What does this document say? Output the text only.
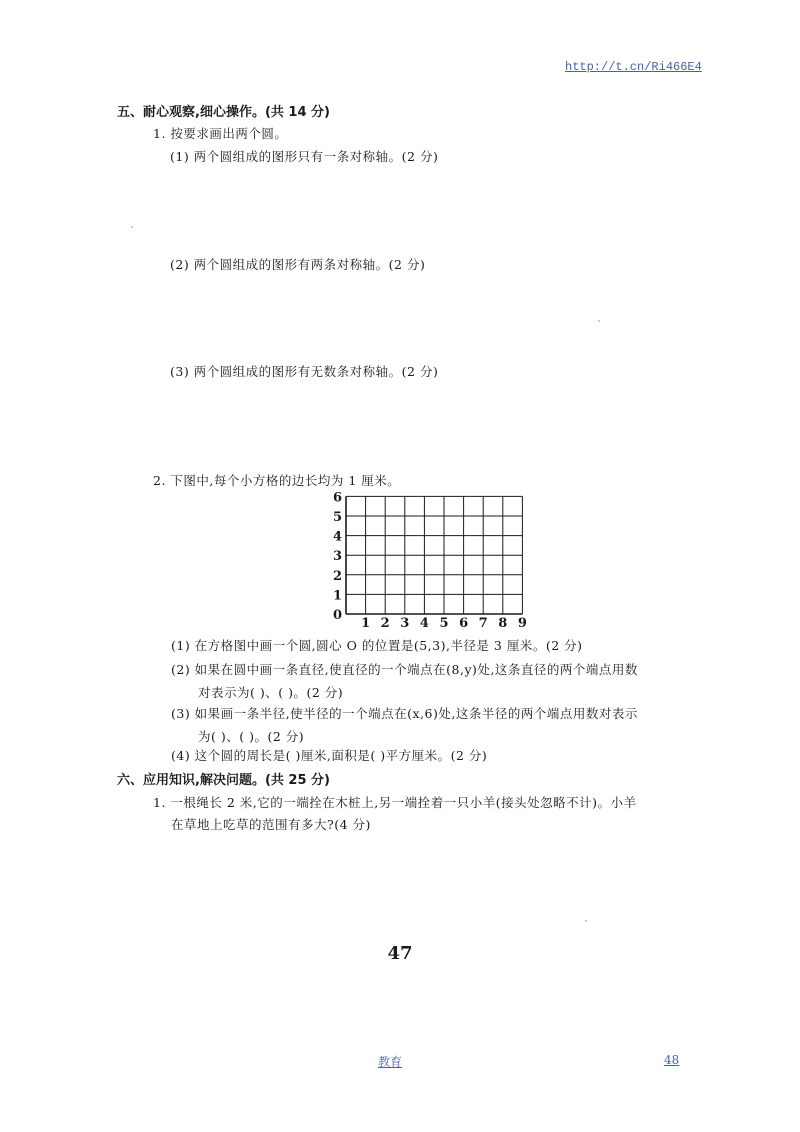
http://t.cn/Ri466E4
五、耐心观察,细心操作。(共 14 分)
1. 按要求画出两个圆。
(1) 两个圆组成的图形只有一条对称轴。(2 分)
(2) 两个圆组成的图形有两条对称轴。(2 分)
(3) 两个圆组成的图形有无数条对称轴。(2 分)
2. 下图中,每个小方格的边长均为 1 厘米。
1 2 3 4 5 6 7 8 9
1
2
3
4
5
6
0
(1) 在方格图中画一个圆,圆心 O 的位置是(5,3),半径是 3 厘米。(2 分)
(2) 如果在圆中画一条直径,使直径的一个端点在(8,y)处,这条直径的两个端点用数
对表示为( )、( )。(2 分)
(3) 如果画一条半径,使半径的一个端点在(x,6)处,这条半径的两个端点用数对表示
为( )、( )。(2 分)
(4) 这个圆的周长是( )厘米,面积是( )平方厘米。(2 分)
六、应用知识,解决问题。(共 25 分)
1. 一根绳长 2 米,它的一端拴在木桩上,另一端拴着一只小羊(接头处忽略不计)。小羊
在草地上吃草的范围有多大?(4 分)
47
教育	48
